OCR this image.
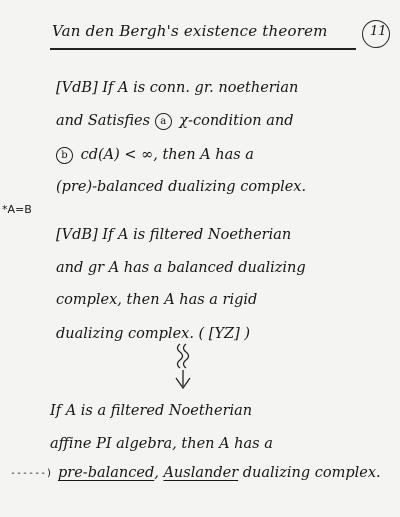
Van den Bergh's existence theorem	11
[VdB] If A is conn. gr. noetherian
and Satisfies a χ-condition and
b cd(A) < ∞, then A has a
(pre)-balanced dualizing complex.
*A=B
[VdB] If A is filtered Noetherian
and gr A has a balanced dualizing
complex, then A has a rigid
dualizing complex. ( [YZ] )
If A is a filtered Noetherian
affine PI algebra, then A has a
------) pre-balanced, Auslander dualizing complex.
